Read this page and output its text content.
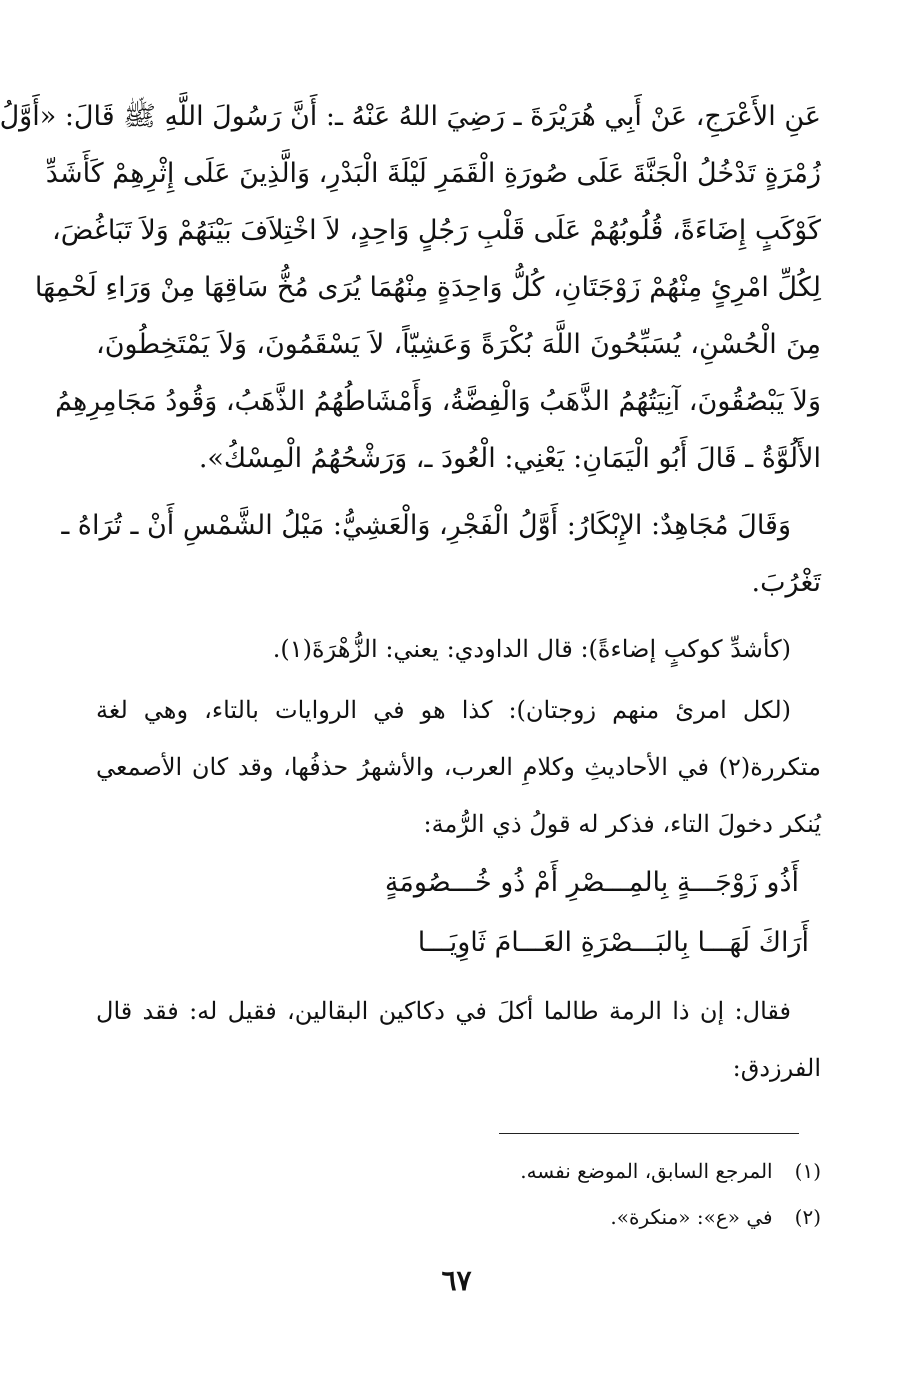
عَنِ الأَعْرَجِ، عَنْ أَبِي هُرَيْرَةَ ـ رَضِيَ اللهُ عَنْهُ ـ: أَنَّ رَسُولَ اللَّهِ ﷺ قَالَ: «أَوَّلُ
زُمْرَةٍ تَدْخُلُ الْجَنَّةَ عَلَى صُورَةِ الْقَمَرِ لَيْلَةَ الْبَدْرِ، وَالَّذِينَ عَلَى إِثْرِهِمْ كَأَشَدِّ
كَوْكَبٍ إِضَاءَةً، قُلُوبُهُمْ عَلَى قَلْبِ رَجُلٍ وَاحِدٍ، لاَ اخْتِلاَفَ بَيْنَهُمْ وَلاَ تَبَاغُضَ،
لِكُلِّ امْرِئٍ مِنْهُمْ زَوْجَتَانِ، كُلُّ وَاحِدَةٍ مِنْهُمَا يُرَى مُخُّ سَاقِهَا مِنْ وَرَاءِ لَحْمِهَا
مِنَ الْحُسْنِ، يُسَبِّحُونَ اللَّهَ بُكْرَةً وَعَشِيّاً، لاَ يَسْقَمُونَ، وَلاَ يَمْتَخِطُونَ،
وَلاَ يَبْصُقُونَ، آنِيَتُهُمُ الذَّهَبُ وَالْفِضَّةُ، وَأَمْشَاطُهُمُ الذَّهَبُ، وَقُودُ مَجَامِرِهِمُ
الأَلُوَّةُ ـ قَالَ أَبُو الْيَمَانِ: يَعْنِي: الْعُودَ ـ، وَرَشْحُهُمُ الْمِسْكُ».
وَقَالَ مُجَاهِدٌ: الإِبْكَارُ: أَوَّلُ الْفَجْرِ، وَالْعَشِيُّ: مَيْلُ الشَّمْسِ أَنْ ـ تُرَاهُ ـ
تَغْرُبَ.
(كأشدِّ كوكبٍ إضاءةً): قال الداودي: يعني: الزُّهْرَةَ(١).
(لكل امرئ منهم زوجتان): كذا هو في الروايات بالتاء، وهي لغة
متكررة(٢) في الأحاديثِ وكلامِ العرب، والأشهرُ حذفُها، وقد كان الأصمعي
يُنكر دخولَ التاء، فذكر له قولُ ذي الرُّمة:
أَذُو زَوْجَـــةٍ بِالمِـــصْرِ أَمْ ذُو خُـــصُومَةٍ
أَرَاكَ لَهَـــا بِالبَـــصْرَةِ العَـــامَ ثَاوِيَـــا
فقال: إن ذا الرمة طالما أكلَ في دكاكين البقالين، فقيل له: فقد قال
الفرزدق:
(١)المرجع السابق، الموضع نفسه.
(٢)في «ع»: «منكرة».
٦٧
